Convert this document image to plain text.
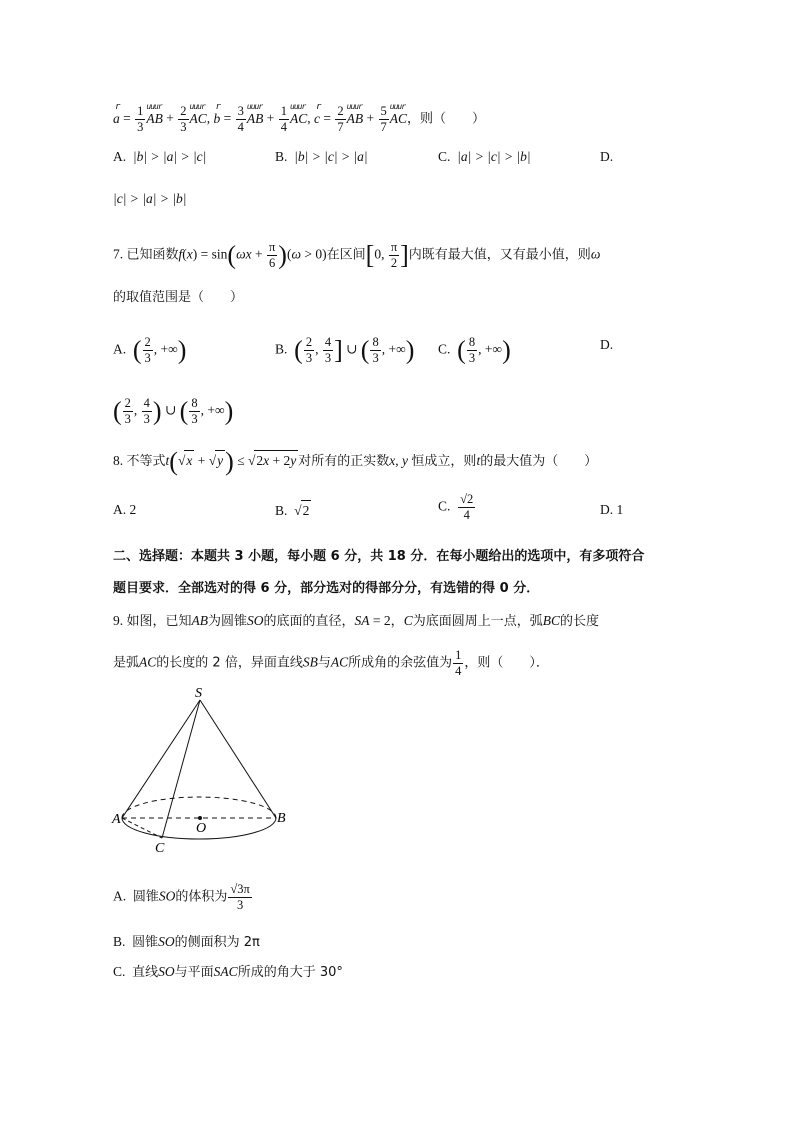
r $a = \frac{1}{3}$ uuur AB + $\frac{2}{3}$ uuur AC, r $b = \frac{3}{4}$ uuur AB + $\frac{1}{4}$ uuur AC, r $c = \frac{2}{7}$ uuur AB + $\frac{5}{7}$ uuur AC，则（　　）
A. |b| > |a| > |c|	B. |b| > |c| > |a|	C. |a| > |c| > |b|	D.
|c| > |a| > |b|
7. 已知函数$f(x) = \sin(\omega x + \frac{\pi}{6} )(\omega > 0)$在区间[0, $\frac{\pi}{2}$ ]内既有最大值，又有最小值，则ω
的取值范围是（　　）
A. ( $\frac{2}{3}$ , +∞)	B. ( $\frac{2}{3}$ , $\frac{4}{3}$ ] ∪ ( $\frac{8}{3}$ , +∞) C. ( $\frac{8}{3}$ , +∞)	D.
( $\frac{2}{3}$ , $\frac{4}{3}$ ) ∪ ( $\frac{8}{3}$ , +∞)
8. 不等式t(√x + √y) ≤ √2x + 2y 对所有的正实数x, y 恒成立，则t的最大值为（　　）
A. 2	B.  √2	C. $\frac{√2}{4}$	D. 1
二、选择题：本题共 3 小题，每小题 6 分，共 18 分．在每小题给出的选项中，有多项符合
题目要求．全部选对的得 6 分，部分选对的得部分分，有选错的得 0 分．
9. 如图，已知AB为圆锥SO的底面的直径，SA = 2，C为底面圆周上一点，弧BC的长度
是弧AC的长度的 2 倍，异面直线SB与AC所成角的余弦值为 $\frac{1}{4}$ ，则（　　）．
S
A	B
O
C
A. 圆锥SO的体积为 $\frac{√3\pi}{3}$
B. 圆锥SO的侧面积为 2π
C. 直线SO与平面SAC所成的角大于 30°
